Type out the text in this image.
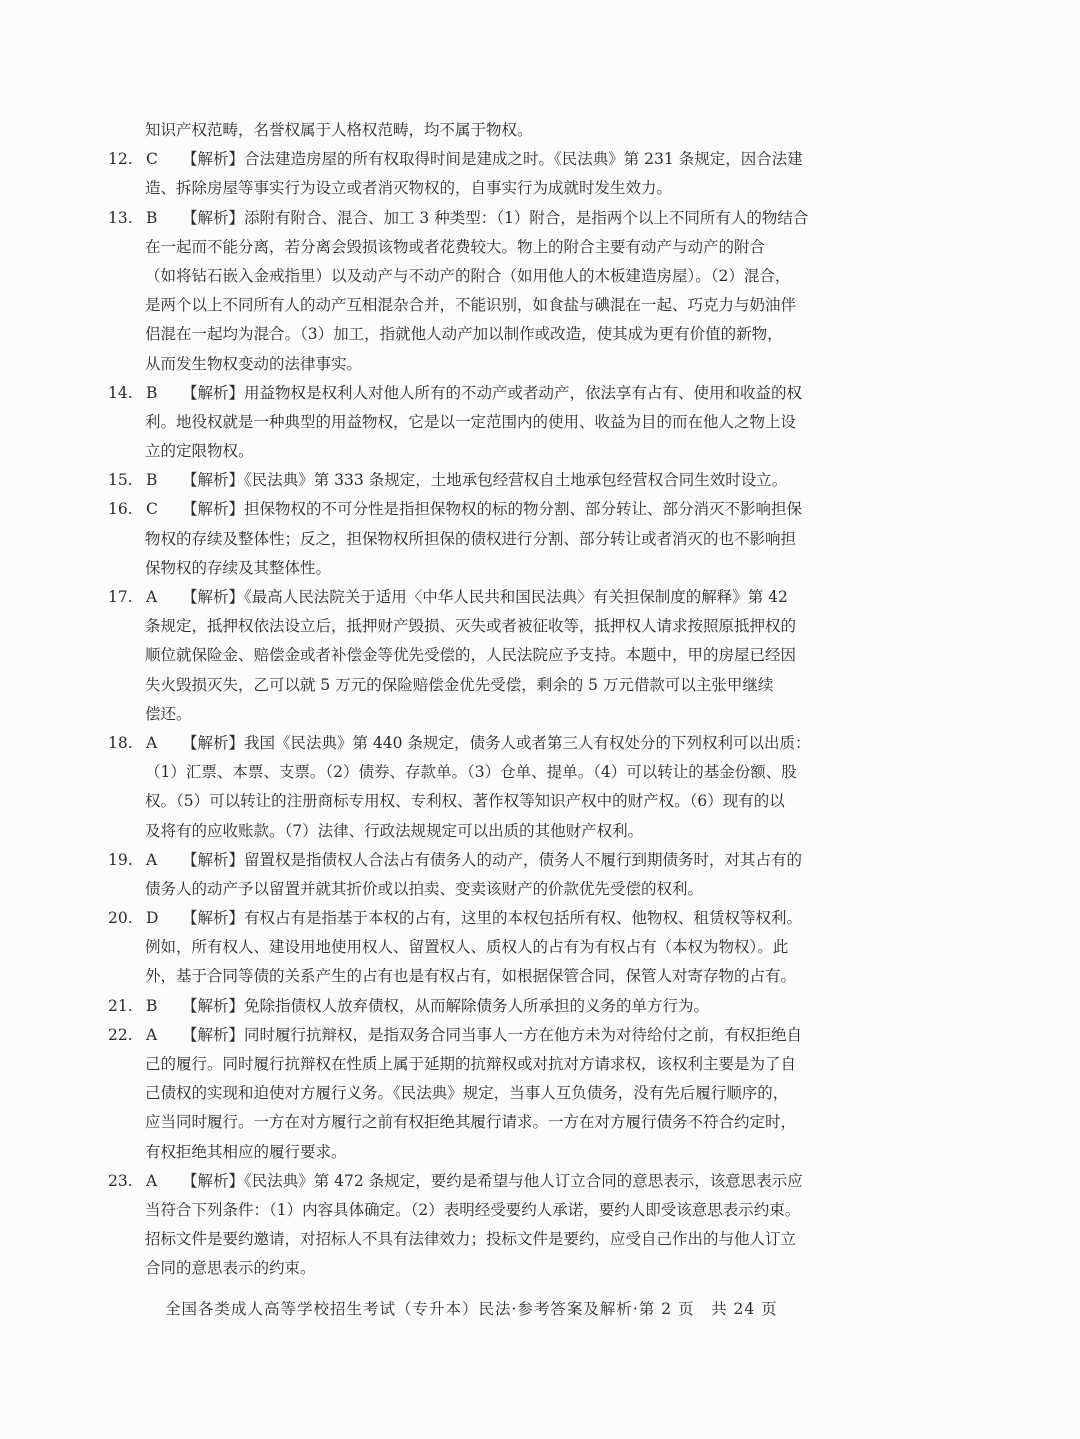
知识产权范畴，名誉权属于人格权范畴，均不属于物权。
12. C 【解析】合法建造房屋的所有权取得时间是建成之时。《民法典》第 231 条规定，因合法建
造、拆除房屋等事实行为设立或者消灭物权的，自事实行为成就时发生效力。
13. B 【解析】添附有附合、混合、加工 3 种类型：（1）附合，是指两个以上不同所有人的物结合
在一起而不能分离，若分离会毁损该物或者花费较大。物上的附合主要有动产与动产的附合
（如将钻石嵌入金戒指里）以及动产与不动产的附合（如用他人的木板建造房屋）。（2）混合，
是两个以上不同所有人的动产互相混杂合并，不能识别，如食盐与碘混在一起、巧克力与奶油伴
侣混在一起均为混合。（3）加工，指就他人动产加以制作或改造，使其成为更有价值的新物，
从而发生物权变动的法律事实。
14. B 【解析】用益物权是权利人对他人所有的不动产或者动产，依法享有占有、使用和收益的权
利。地役权就是一种典型的用益物权，它是以一定范围内的使用、收益为目的而在他人之物上设
立的定限物权。
15. B 【解析】《民法典》第 333 条规定，土地承包经营权自土地承包经营权合同生效时设立。
16. C 【解析】担保物权的不可分性是指担保物权的标的物分割、部分转让、部分消灭不影响担保
物权的存续及整体性；反之，担保物权所担保的债权进行分割、部分转让或者消灭的也不影响担
保物权的存续及其整体性。
17. A 【解析】《最高人民法院关于适用〈中华人民共和国民法典〉有关担保制度的解释》第 42
条规定，抵押权依法设立后，抵押财产毁损、灭失或者被征收等，抵押权人请求按照原抵押权的
顺位就保险金、赔偿金或者补偿金等优先受偿的，人民法院应予支持。本题中，甲的房屋已经因
失火毁损灭失，乙可以就 5 万元的保险赔偿金优先受偿，剩余的 5 万元借款可以主张甲继续
偿还。
18. A 【解析】我国《民法典》第 440 条规定，债务人或者第三人有权处分的下列权利可以出质：
（1）汇票、本票、支票。（2）债券、存款单。（3）仓单、提单。（4）可以转让的基金份额、股
权。（5）可以转让的注册商标专用权、专利权、著作权等知识产权中的财产权。（6）现有的以
及将有的应收账款。（7）法律、行政法规规定可以出质的其他财产权利。
19. A 【解析】留置权是指债权人合法占有债务人的动产，债务人不履行到期债务时，对其占有的
债务人的动产予以留置并就其折价或以拍卖、变卖该财产的价款优先受偿的权利。
20. D 【解析】有权占有是指基于本权的占有，这里的本权包括所有权、他物权、租赁权等权利。
例如，所有权人、建设用地使用权人、留置权人、质权人的占有为有权占有（本权为物权）。此
外，基于合同等债的关系产生的占有也是有权占有，如根据保管合同，保管人对寄存物的占有。
21. B 【解析】免除指债权人放弃债权，从而解除债务人所承担的义务的单方行为。
22. A 【解析】同时履行抗辩权，是指双务合同当事人一方在他方未为对待给付之前，有权拒绝自
己的履行。同时履行抗辩权在性质上属于延期的抗辩权或对抗对方请求权，该权利主要是为了自
己债权的实现和迫使对方履行义务。《民法典》规定，当事人互负债务，没有先后履行顺序的，
应当同时履行。一方在对方履行之前有权拒绝其履行请求。一方在对方履行债务不符合约定时，
有权拒绝其相应的履行要求。
23. A 【解析】《民法典》第 472 条规定，要约是希望与他人订立合同的意思表示，该意思表示应
当符合下列条件：（1）内容具体确定。（2）表明经受要约人承诺，要约人即受该意思表示约束。
招标文件是要约邀请，对招标人不具有法律效力；投标文件是要约，应受自己作出的与他人订立
合同的意思表示的约束。
全国各类成人高等学校招生考试（专升本）民法·参考答案及解析·第 2 页　共 24 页
